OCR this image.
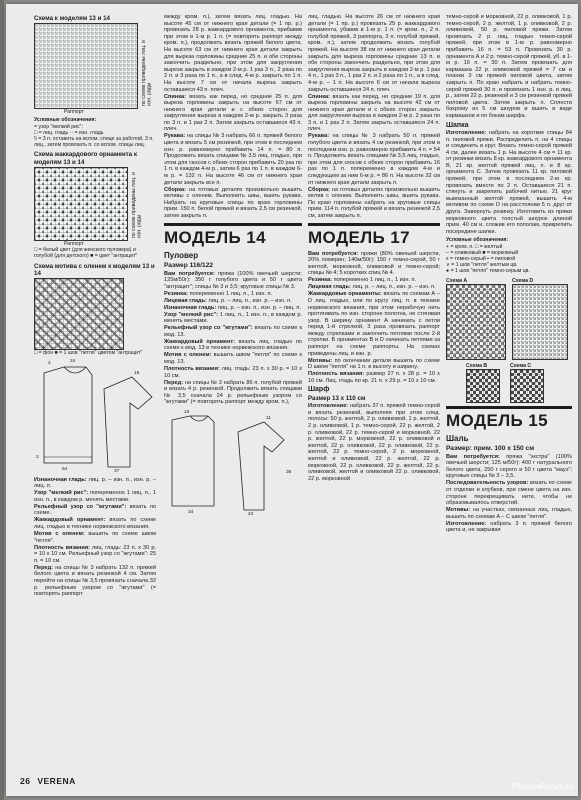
Схема к моделям 13 и 14
по схеме приведены лиц. и изн. ряды
Раппорт
Условные обозначения:
= узор "мелкий рис":
□ = лиц. гладь ·· = изн. гладь
\\ = 3 п. оставить на вспом. спице за работой, 3 п. лиц., затем провязать п. со вспом. спицы лиц.
Схема жаккардового орнамента к моделям 13 и 14
по схеме приведены лиц. и изн. ряды
Раппорт
□ = белый цвет (для женского пуловера) и голубой (для детского) ■ = цвет "антрацит"
Схема мотива с оленем к моделям 13 и 14
□ = фон ■ = 1 шов "петля" цветом "антрацит"
2	24
54
2
18
37

Изнаночная гладь: лиц. р. – изн. п., изн. р. – лиц. п.

Узор "мелкий рис": попеременно 1 лиц. п., 1 изн. п., в каждом р. менять местами.

Рельефный узор со "жгутами": вязать по схеме.

Жаккардовый орнамент: вязать по схеме лиц. гладью в технике норвежского вязания.

Мотив с оленем: вышить по схеме швом "петля".

Плотность вязания: лиц. гладь: 23 п. x 30 р. = 10 x 10 см. Рельефный узор со "жгутами": 25 п. = 10 см.

Перед: на спицы № 3 набрать 132 п. пряжей белого цвета и вязать резинкой 4 см. Затем перейти на спицы № 3,5 провязать сначала 32 р. рельефным узором со "жгутами" (= повторять раппорт

между кром. п.), затем вязать лиц. гладью. На высоте 45 см от нижнего края детали (= 1 пр. р.) провязать 28 р. жаккардового орнамента, прибавив при этом в 1-м р. 1 п. (= повторять раппорт между кром. п.), продолжить вязать пряжей белого цвета. На высоте 63 см от нижнего края детали закрыть для выреза горловины средние 25 п. и обе стороны закончить раздельно, при этом для закругления выреза закрыть в каждом 2-м р. 1 раз 3 п., 2 раза по 2 п. и 3 раза по 1 п., а в след. 4-м р. закрыть по 1 п. На высоте 7 см от начала выреза закрыть оставшиеся 43 п. плеч.

Спинка: вязать как перед, но средние 25 п. для выреза горловины закрыть на высоте 67 см от нижнего края детали и с обеих сторон для закругления выреза в каждом 2-м р. закрыть 3 раза по 3 п. и 1 раз 2 п. Затем закрыть оставшиеся 43 п. плеч.

Рукава: на спицы № 3 набрать 66 п. пряжей белого цвета и вязать 5 см резинкой, при этом в последнем изн. р. равномерно прибавить 14 п. = 80 п. Продолжить вязать спицами № 3,5 лиц. гладью, при этом для скосов с обеих сторон прибавить 20 раз по 1 п. в каждом 4-м р., затем 6 раз по 1 п. в каждом 6-м р. = 132 п. На высоте 46 см от нижнего края детали закрыть все п.

Сборка: на готовых деталях произвольно вышить мотивы с оленем. Выполнить швы, вшить рукава. Набрать на круговые спицы по краю горловины прим. 150 п. белой пряжей и вязать 2,5 см резинкой, затем закрыть п.

МОДЕЛЬ 14
Пуловер
Размер 116/122

Вам потребуется: пряжа (100% овечьей шерсти; 125м/50г): 350 г голубого цвета и 50 г цвета "антрацит"; спицы № 3 и 3,5; круговые спицы № 3.

Резинка: попеременно 1 лиц. п., 1 изн. п.

Лицевая гладь: лиц. р. – лиц. п., изн. р. – изн. п.

Изнаночная гладь: лиц. р. – изн. п., изн. р. – лиц. п.

Узор "мелкий рис": 1 лиц. п., 1 изн. п., в каждом р. менять местами.

Рельефный узор со "жгутами": вязать по схеме к мод. 13.

Жаккардовый орнамент: вязать лиц. гладью по схеме к мод. 13 в технике норвежского вязания.

Мотив с оленем: вышить швом "петля" по схеме к мод. 13.

Плотность вязания: лиц. гладь: 23 п. x 30 р. = 10 x 10 см.

Перед: на спицы № 3 набрать 86 п. голубой пряжей и вязать 4 р. резинкой. Продолжить вязать спицами № 3,5 сначала 24 р. рельефным узором со "жгутами" (= повторять раппорт между кром. п.),

16
34
11
24
36

лиц. гладью. На высоте 26 см от нижнего края детали (= 1 пр. р.) провязать 25 р. жаккардового орнамента, убавив в 1-м р. 1 п. (= кром. п., 2 п. голубой пряжей, 3 раппорта, 3 п. голубой пряжей, кром. п.), затем продолжить вязать голубой пряжей. На высоте 38 см от нижнего края детали закрыть для выреза горловины средние 13 п. и обе стороны закончить раздельно, при этом для закругления выреза закрыть в каждом 2-м р. 1 раз 4 п., 1 раз 3 п., 1 раз 2 п. и 2 раза по 1 п., а в след. 4-м р. – 1 п. На высоте 6 см от начала выреза закрыть оставшиеся 24 п. плеч.

Спинка: вязать как перед, но средние 19 п. для выреза горловины закрыть на высоте 42 см от нижнего края детали и с обеих сторон закрыть для закругления выреза в каждом 2-м р. 2 раза по 3 п. и 1 раз 2 п. Затем закрыть оставшиеся 24 п. плеч.

Рукава: на спицы № 3 набрать 50 п. пряжей голубого цвета и вязать 4 см резинкой, при этом в последнем изн. р. равномерно прибавить 4 п. = 54 п. Продолжить вязать спицами № 3,5 лиц. гладью, при этом для скосов с обеих сторон прибавить 16 раз по 1 п. попеременно в каждом 4-м и следующем за ним 6-м р. = 86 п. На высоте 32 см от нижнего края детали закрыть п.

Сборка: на готовых деталях произвольно вышить мотив с оленем. Выполнить швы, вшить рукава. По краю горловины набрать на круговые спицы прим. 114 п. голубой пряжей и вязать резинкой 2,5 см, затем закрыть п.

МОДЕЛЬ 17

Вам потребуется: пряжи (80% овечьей шерсти, 20% ломерин; 140м/50г): 150 г темно-серой, 50 г желтой, морковной, оливковой и темно-серой; спицы № 4; 5 коротких спиц № 4.

Резинка: попеременно 1 лиц. п., 1 изн. п.

Лицевая гладь: лиц. р. – лиц. п., изн. р. – изн. п.

Жаккардовые орнаменты: вязать по схемам А – D лиц. гладью, или по кругу лиц. п. в технике норвежского вязания, при этом нерабочую нить протягивать по изн. стороне полотна, не стягивая узор. В ширину орнамент А начинать с петли перед 1-й стрелкой, 3 раза провязать раппорт между стрелками и закончить петлями после 2-й стрелки. В орнаментах В и D начинать петлями за раппорт на схеме раппорты. На схемах приведены лиц. и изн. р.

Мотивы: по окончании детали вышить по схеме D швом "петля" на 1 п. в высоту и ширину.

Плотность вязания: размер 27 п. x 28 р. = 10 x 10 см. Лиц. гладь по кр. 21 п. x 29 р. = 10 x 10 см.

Шарф
Размер 13 x 110 см

Изготовление: набрать 37 п. пряжей темно-серой и вязать резинкой, выполняя при этом след. полосы: 50 р. желтой, 2 р. оливковой, 1 р. желтой, 2 р. оливковой, 1 р. темно-серой, 22 р. желтой, 2 р. оливковой, 22 р. темно-серой и морковной, 22 р. желтой, 22 р. морковной, 22 р. оливковой и желтой, 22 р. оливковой, 22 р. оливковой, 22 р. желтой, 22 р. темно-серой, 2 р. морковной, желтой и оливковой, 22 р. желтой, 22 р. морковной, 22 р. оливковой, 22 р. желтой, 22 р. оливковой, желтой и оливковой 22 р. оливковой, 22 р. морковной

темно-серой и морковной, 22 р. оливковой, 1 р. темно-серой, 2 р. желтой, 1 р. оливковой, 2 р. оливковой, 50 р. пиловой пряжи. Затем провязать 2 р. лиц. гладью темно-серой пряжей, при этом в 1-м р. равномерно прибавить 16 п. = 53 п. Провязать 30 р. орнамента А и 2 р. темно-серой пряжей, уб. в 1-м р. 16 п. = 30 п. Затем провязать для кармашка 22 р. оливковой пряжей = 7 см и планки 3 см пряжей пиловой цвета, затем закрыть п. По краю набрать и набрать темно-серой пряжей 30 п. и провязать 1 изн. р. и лиц. р., затем 22 р. резинкой и 3 см резинкой пряжей пиловой цвета. Затем закрыть п. Сплести бахрому из 5 см шнуров и вшить в виде кармашков и по бокам шарфа.

Шапка

Изготовление: набрать на короткие спицы 84 п. пиловой пряжи. Распределить п. на 4 спицы и соединить в круг. Вязать темно-серой пряжей 4 см, далее вязать 1 р. На высоте 4 см = 11 кр. от резинки вязать 8 кр. жаккардового орнамента В, 21 кр. желтой пряжей лиц. п. и 8 кр. орнамента С. Затем провязать 11 кр. пиловой пряжей, при этом в последнем 2-м кр. провязать вместе по 2 п. Оставшиеся 21 п. стянуть и закрепить рабочей нитью. 21 круг вывязанный желтой пряжей, вышить 4-м мотивом по схеме D на расстоянии 5 п. друг от друга. Завернуть резинку. Изготовить из пряжи морковного цвета толстый шнурок длиной прим. 40 см и, сложив его пополам, прикрепить посередине шапки.

Условные обозначения:
+ = кром. п. □ = желтый
– = оливковый ■ = морковный
x = темно-серый ▪ = пиловой
∨ = 1 шов "петля" желтым цв.
● = 1 шов "петля" темно-серым цв.
Схема А	Схема D
Схема В	Схема С
МОДЕЛЬ 15
Шаль
Размер: прим. 100 x 150 см

Вам потребуется: пряжа "экстра" (100% овечьей шерсти; 125 м/50г): 400 г натурального белого цвета, 250 г серого и 50 г цвета "мауэ"; круговые спицы № 3 – 3,5.

Последовательность узоров: вязать по схеме от отделки и клубков, при смене цвета на изн. стороне перекрещивать нити, чтобы не образовывалось отверстий.

Мотивы: на участках, связанных лиц. гладью, вышить по схемам A – C швом "петля".

Изготовление: набрать 3 п. пряжей белого цвета и, не закрывая

26 VERENA
PassionForum.ru
